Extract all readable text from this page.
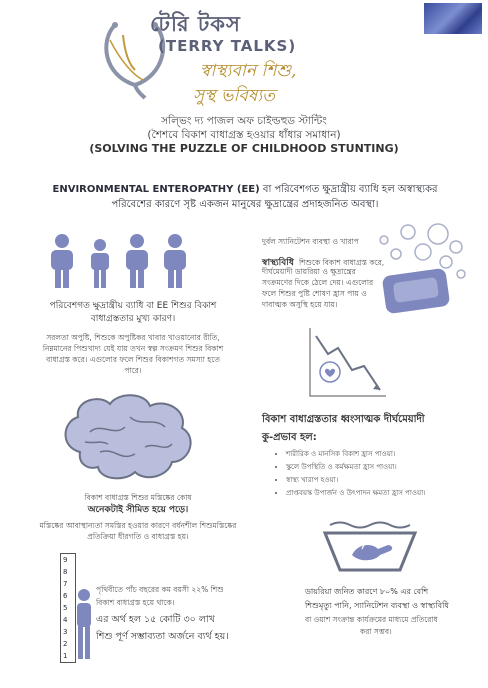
টেরি টকস
(TERRY TALKS)
স্বাস্থ্যবান শিশু,
সুস্থ ভবিষ্যত
সল্ভিং দ্য পাজল অফ চাইল্ডহুড স্টান্টিং
(শৈশবে বিকাশ বাধাগ্রস্ত হওয়ার ধাঁধার সমাধান)
(SOLVING THE PUZZLE OF CHILDHOOD STUNTING)
ENVIRONMENTAL ENTEROPATHY (EE) বা পরিবেশগত ক্ষুদ্রান্ত্রীয় ব্যাধি হল অস্বাস্থ্যকর পরিবেশের কারণে সৃষ্ট একজন মানুষের ক্ষুদ্রান্ত্রের প্রদাহজনিত অবস্থা।
পরিবেশগত ক্ষুদ্রান্ত্রীয় ব্যাধি বা EE শিশুর বিকাশ বাধাগ্রস্ততার মুখ্য কারণ।
সরলতা অপুষ্টি, শিশুকে অপুষ্টিকর খাবার খাওয়ানোর রীতি, নিম্নমানের পিশুখাদ্য যেই যায় তখন স্বল্প সংক্রমণ শিশুর বিকাশ বাধাগ্রস্ত করে। এগুলোর ফলে শিশুর বিকাশগত সমস্যা হতে পারে।
দুর্বল স্যানিটেশন ব্যবস্থা ও খারাপ
স্বাস্থ্যবিধি শিশুকে বিকাশ বাধাগ্রস্ত করে,
দীর্ঘমেয়াদী ডায়রিয়া ও ক্ষুদ্রান্ত্রের সংক্রমণের দিকে ঠেলে দেয়। এগুলোর ফলে শিশুর পুষ্টি শোষণ হ্রাস পায় ও দাবাত্মক অসুস্থি হয়ে যায়।
বিকাশ বাধাগ্রস্ততার ধ্বংসাত্মক দীর্ঘমেয়াদী
কু-প্রভাব হল:
• শারীরিক ও মানসিক বিকাশ হ্রাস পাওয়া।
• স্কুলে উপস্থিতি ও কর্মক্ষমতা হ্রাস পাওয়া।
• স্বাস্থ্য খারাপ হওয়া।
• প্রাপ্তবয়স্ক উপার্জন ও উৎপাদন ক্ষমতা হ্রাস পাওয়া।
বিকাশ বাধাগ্রস্ত শিশুর মস্তিষ্কের কোষ
অনেকটাই সীমিত হয়ে পড়ে।
মস্তিষ্কের আবাস্থান্যতা সমস্তির হওয়ার কারণে বর্ধনশীল শিশুমস্তিষ্কের প্রতিক্রিয়া ধীরগতি ও বাধাগ্রস্ত হয়।
9
8
7
6
5
4
3
2
1
পৃথিবীতে পাঁচ বছরের কম বয়সী ২২% শিশু
বিকাশ বাধাগ্রস্ত হয়ে থাকে।
এর অর্থ হল ১৫ কোটি ৩০ লাখ
শিশু পূর্ণ সম্ভাব্যতা অর্জনে ব্যর্থ হয়।
ডায়রিয়া জনিত কারণে ৮০% এর বেশি
শিশুমৃত্যু পানি, স্যানিটেশন ব্যবস্থা ও স্বাস্থ্যবিধি
বা ওয়াশ সংক্রান্ত কার্যক্রমের মাধ্যমে প্রতিরোধ
করা সম্ভব।
